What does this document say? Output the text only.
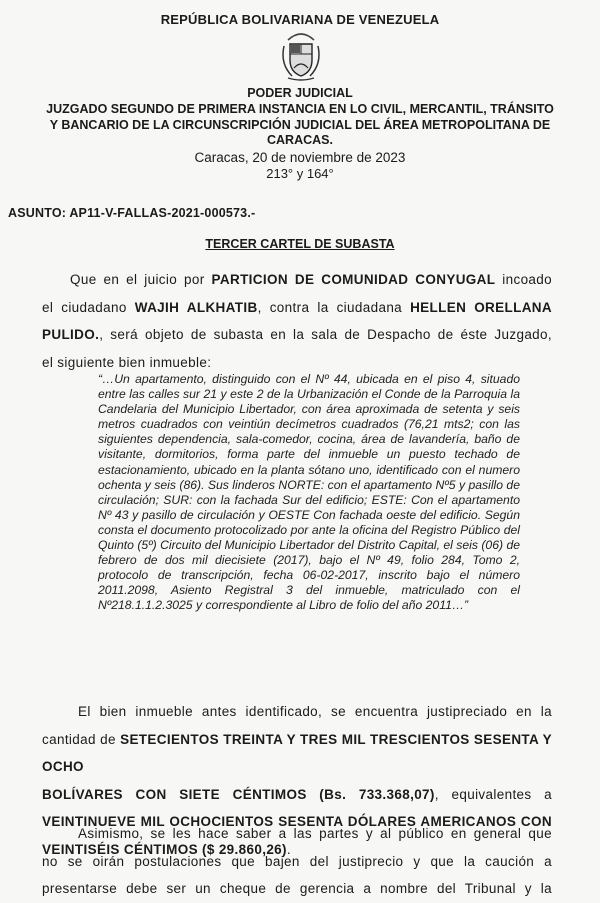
REPÚBLICA BOLIVARIANA DE VENEZUELA
PODER JUDICIAL
JUZGADO SEGUNDO DE PRIMERA INSTANCIA EN LO CIVIL, MERCANTIL, TRÁNSITO
Y BANCARIO DE LA CIRCUNSCRIPCIÓN JUDICIAL DEL ÁREA METROPOLITANA DE
CARACAS.
Caracas, 20 de noviembre de 2023
213° y 164°
ASUNTO: AP11-V-FALLAS-2021-000573.-
TERCER CARTEL DE SUBASTA
Que en el juicio por PARTICION DE COMUNIDAD CONYUGAL incoado
el ciudadano WAJIH ALKHATIB, contra la ciudadana HELLEN ORELLANA
PULIDO., será objeto de subasta en la sala de Despacho de éste Juzgado,
el siguiente bien inmueble:
“…Un apartamento, distinguido con el Nº 44, ubicada en el piso 4, situado entre las calles sur 21 y este 2 de la Urbanización el Conde de la Parroquia la Candelaria del Municipio Libertador, con área aproximada de setenta y seis metros cuadrados con veintiún decímetros cuadrados (76,21 mts2; con las siguientes dependencia, sala-comedor, cocina, área de lavandería, baño de visitante, dormitorios, forma parte del inmueble un puesto techado de estacionamiento, ubicado en la planta sótano uno, identificado con el numero ochenta y seis (86). Sus linderos NORTE: con el apartamento Nº5 y pasillo de circulación; SUR: con la fachada Sur del edificio; ESTE: Con el apartamento Nº 43 y pasillo de circulación y OESTE Con fachada oeste del edificio. Según consta el documento protocolizado por ante la oficina del Registro Público del Quinto (5º) Circuito del Municipio Libertador del Distrito Capital, el seis (06) de febrero de dos mil diecisiete (2017), bajo el Nº 49, folio 284, Tomo 2, protocolo de transcripción, fecha 06-02-2017, inscrito bajo el número 2011.2098, Asiento Registral 3 del inmueble, matriculado con el Nº218.1.1.2.3025 y correspondiente al Libro de folio del año 2011…”
El bien inmueble antes identificado, se encuentra justipreciado en la
cantidad de SETECIENTOS TREINTA Y TRES MIL TRESCIENTOS SESENTA Y OCHO
BOLÍVARES CON SIETE CÉNTIMOS (Bs. 733.368,07), equivalentes a
VEINTINUEVE MIL OCHOCIENTOS SESENTA DÓLARES AMERICANOS CON
VEINTISÉIS CÉNTIMOS ($ 29.860,26).
Asimismo, se les hace saber a las partes y al público en general que
no se oirán postulaciones que bajen del justiprecio y que la caución a
presentarse debe ser un cheque de gerencia a nombre del Tribunal y la
